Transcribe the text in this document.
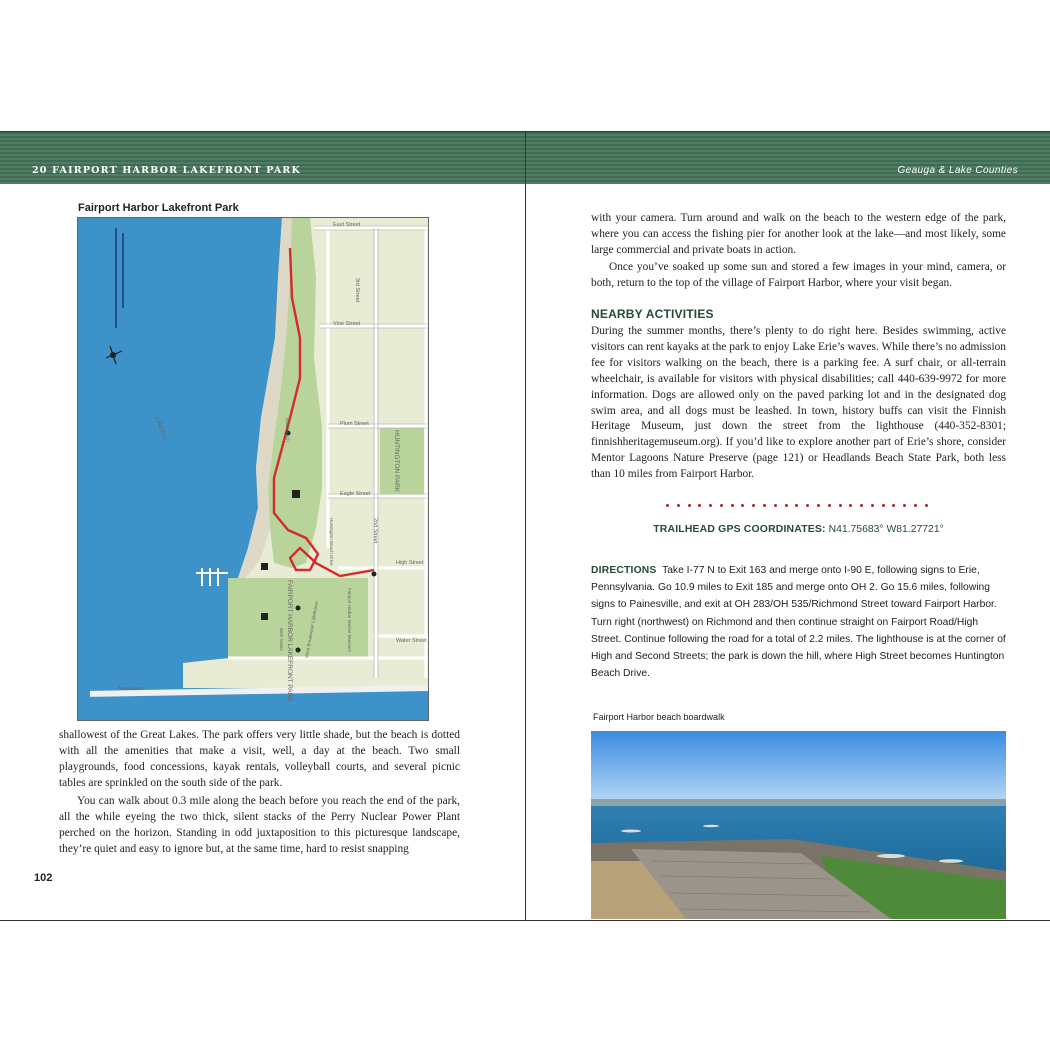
20 FAIRPORT HARBOR LAKEFRONT PARK	Geauga & Lake Counties
Fairport Harbor Lakefront Park
East Street
Vine Street
Plum Street
Eagle Street
High Street
Water Street
3rd Street
2nd Street
Lake Erie
HUNTINGTON PARK
FAIRPORT HARBOR LAKEFRONT PARK
Huntington Beach Drive
Fairport Harbor Marine Museum
Breakwater
Boat launch
Bath house	West Breakwater Lighthouse

shallowest of the Great Lakes. The park offers very little shade, but the beach is dotted with all the amenities that make a visit, well, a day at the beach. Two small playgrounds, food concessions, kayak rentals, volleyball courts, and several picnic tables are sprinkled on the south side of the park.

You can walk about 0.3 mile along the beach before you reach the end of the park, all the while eyeing the two thick, silent stacks of the Perry Nuclear Power Plant perched on the horizon. Standing in odd juxtaposition to this picturesque landscape, they’re quiet and easy to ignore but, at the same time, hard to resist snapping

102

with your camera. Turn around and walk on the beach to the western edge of the park, where you can access the fishing pier for another look at the lake—and most likely, some large commercial and private boats in action.

Once you’ve soaked up some sun and stored a few images in your mind, camera, or both, return to the top of the village of Fairport Harbor, where your visit began.

NEARBY ACTIVITIES

During the summer months, there’s plenty to do right here. Besides swimming, active visitors can rent kayaks at the park to enjoy Lake Erie’s waves. While there’s no admission fee for visitors walking on the beach, there is a parking fee. A surf chair, or all-terrain wheelchair, is available for visitors with physical disabilities; call 440-639-9972 for more information. Dogs are allowed only on the paved parking lot and in the designated dog swim area, and all dogs must be leashed. In town, history buffs can visit the Finnish Heritage Museum, just down the street from the lighthouse (440-352-8301; finnishheritagemuseum.org). If you’d like to explore another part of Erie’s shore, consider Mentor Lagoons Nature Preserve (page 121) or Headlands Beach State Park, both less than 10 miles from Fairport Harbor.

TRAILHEAD GPS COORDINATES: N41.75683° W81.27721°

DIRECTIONS Take I-77 N to Exit 163 and merge onto I-90 E, following signs to Erie, Pennsylvania. Go 10.9 miles to Exit 185 and merge onto OH 2. Go 15.6 miles, following signs to Painesville, and exit at OH 283/OH 535/Richmond Street toward Fairport Harbor. Turn right (northwest) on Richmond and then continue straight on Fairport Road/High Street. Continue following the road for a total of 2.2 miles. The lighthouse is at the corner of High and Second Streets; the park is down the hill, where High Street becomes Huntington Beach Drive.

Fairport Harbor beach boardwalk
